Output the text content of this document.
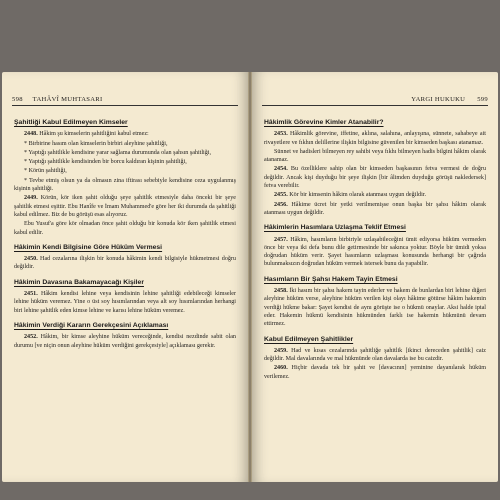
598 TAHÂVÎ MUHTASARI
Şahitliği Kabul Edilmeyen Kimseler

2448. Hâkim şu kimselerin şahitliğini kabul etmez:

* Birbirine hasım olan kimselerin birbiri aleyhine şahitliği,

* Yaptığı şahitlikle kendisine yarar sağlama durumunda olan şahsın şahitliği,

* Yaptığı şahitlikle kendisinden bir borcu kaldıran kişinin şahitliği,

* Körün şahitliği,

* Tevbe etmiş olsun ya da olmasın zina iftirası sebebiyle kendisine ceza uygulanmış kişinin şahitliği.

2449. Körün, kör iken şahit olduğu şeye şahitlik etmesiyle daha önceki bir şeye şahitlik etmesi eşittir. Ebu Hanîfe ve İmam Muhammed'e göre her iki durumda da şahitliği kabul edilmez. Biz de bu görüşü esas alıyoruz.

Ebu Yusuf'a göre kör olmadan önce şahit olduğu bir konuda kör iken şahitlik etmesi kabul edilir.

Hâkimin Kendi Bilgisine Göre Hüküm Vermesi

2450. Had cezalarına ilişkin bir konuda hâkimin kendi bilgisiyle hükmetmesi doğru değildir.

Hâkimin Davasına Bakamayacağı Kişiler

2451. Hâkim kendisi lehine veya kendisinin lehine şahitliği edebileceği kimseler lehine hüküm veremez. Yine o üst soy hısımlarından veya alt soy hısımlarından herhangi biri lehine şahitlik eden kimse lehine ve karısı lehine hüküm veremez.

Hâkimin Verdiği Kararın Gerekçesini Açıklaması

2452. Hâkim, bir kimse aleyhine hüküm vereceğinde, kendisi nezdinde sabit olan durumu [ve niçin onun aleyhine hüküm verdiğini gerekçesiyle] açıklaması gerekir.

YARGI HUKUKU 599
Hâkimlik Görevine Kimler Atanabilir?

2453. Hâkimlik görevine, iffetine, aklına, salahına, anlayışına, sünnete, sahabeye ait rivayetlere ve fıkhın delillerine ilişkin bilgisine güvenilen bir kimseden başkası atanamaz.

Sünnet ve hadisleri bilmeyen rey sahibi veya fıkhı bilmeyen hadis bilgini hâkim olarak atanamaz.

2454. Bu özelliklere sahip olan bir kimseden başkasının fetva vermesi de doğru değildir. Ancak kişi duyduğu bir şeye ilişkin [bir âlimden duyduğu görüşü nakledersek] fetva verebilir.

2455. Kör bir kimsenin hâkim olarak atanması uygun değildir.

2456. Hâkime ücret bir yetki verilmemişse onun başka bir şahsı hâkim olarak atanması uygun değildir.

Hâkimlerin Hasımlara Uzlaşma Teklif Etmesi

2457. Hâkim, hasımların birbiriyle uzlaşabileceğini ümit ediyorsa hüküm vermeden önce bir veya iki defa bunu dile getirmesinde bir sakınca yoktur. Böyle bir ümidi yoksa doğrudan hüküm verir. Şayet hasımların uzlaşması konusunda herhangi bir çağrıda bulunmaksızın doğrudan hüküm vermek istersek bunu da yapabilir.

Hasımların Bir Şahsı Hakem Tayin Etmesi

2458. İki hasım bir şahsı hakem tayin ederler ve hakem de bunlardan biri lehine diğeri aleyhine hüküm verse, aleyhine hüküm verilen kişi olayı hâkime götürse hâkim hakemin verdiği hükme bakar: Şayet kendisi de aynı görüşte ise o hükmü onaylar. Aksi halde iptal eder. Hakemin hükmü kendisinin hükmünden farklı ise hakemin hükmünü devam ettirmez.

Kabul Edilmeyen Şahitlikler

2459. Had ve kısas cezalarında şahitliğe şahitlik [ikinci dereceden şahitlik] caiz değildir. Mal davalarında ve mal hükmünde olan davalarda ise bu caizdir.

2460. Hiçbir davada tek bir şahit ve [davacının] yeminine dayanılarak hüküm verilemez.
